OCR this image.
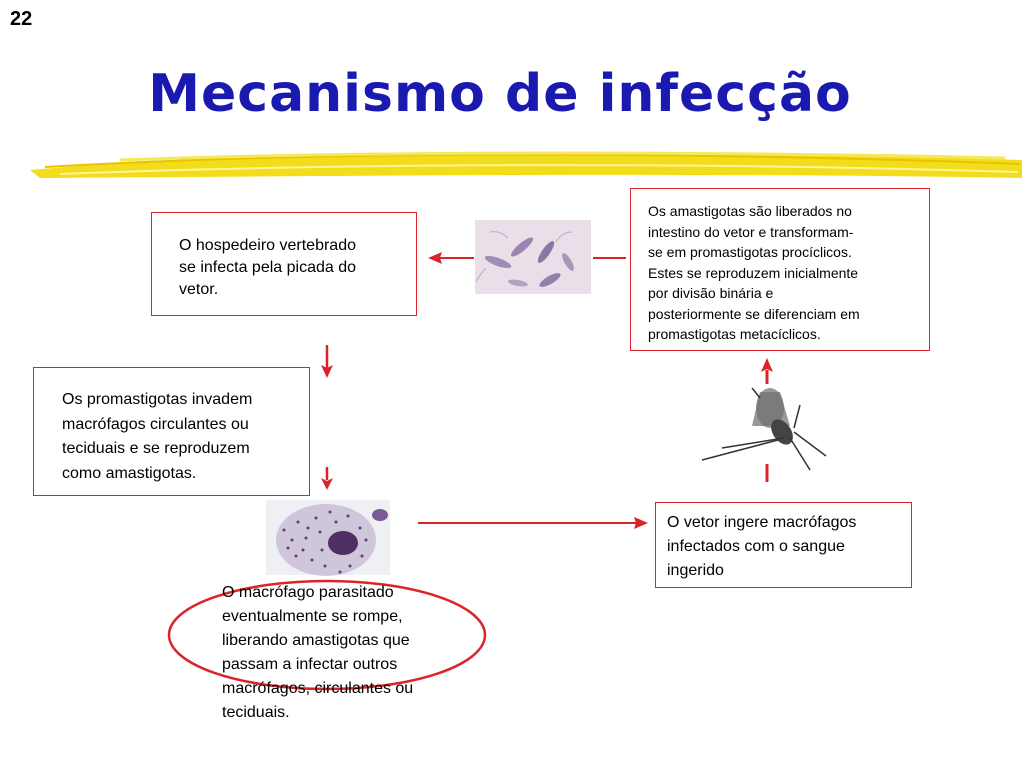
22
Mecanismo de infecção
O hospedeiro vertebrado
se infecta pela picada do
vetor.
Os amastigotas são liberados no
intestino do vetor e transformam-
se em promastigotas procíclicos.
Estes se reproduzem inicialmente
por divisão binária e
posteriormente se diferenciam em
promastigotas metacíclicos.
Os promastigotas invadem
macrófagos circulantes ou
teciduais e se reproduzem
como amastigotas.
O vetor ingere macrófagos
infectados com o sangue
ingerido
O macrófago parasitado
eventualmente se rompe,
liberando amastigotas que
passam a infectar outros
macrófagos, circulantes ou
teciduais.
